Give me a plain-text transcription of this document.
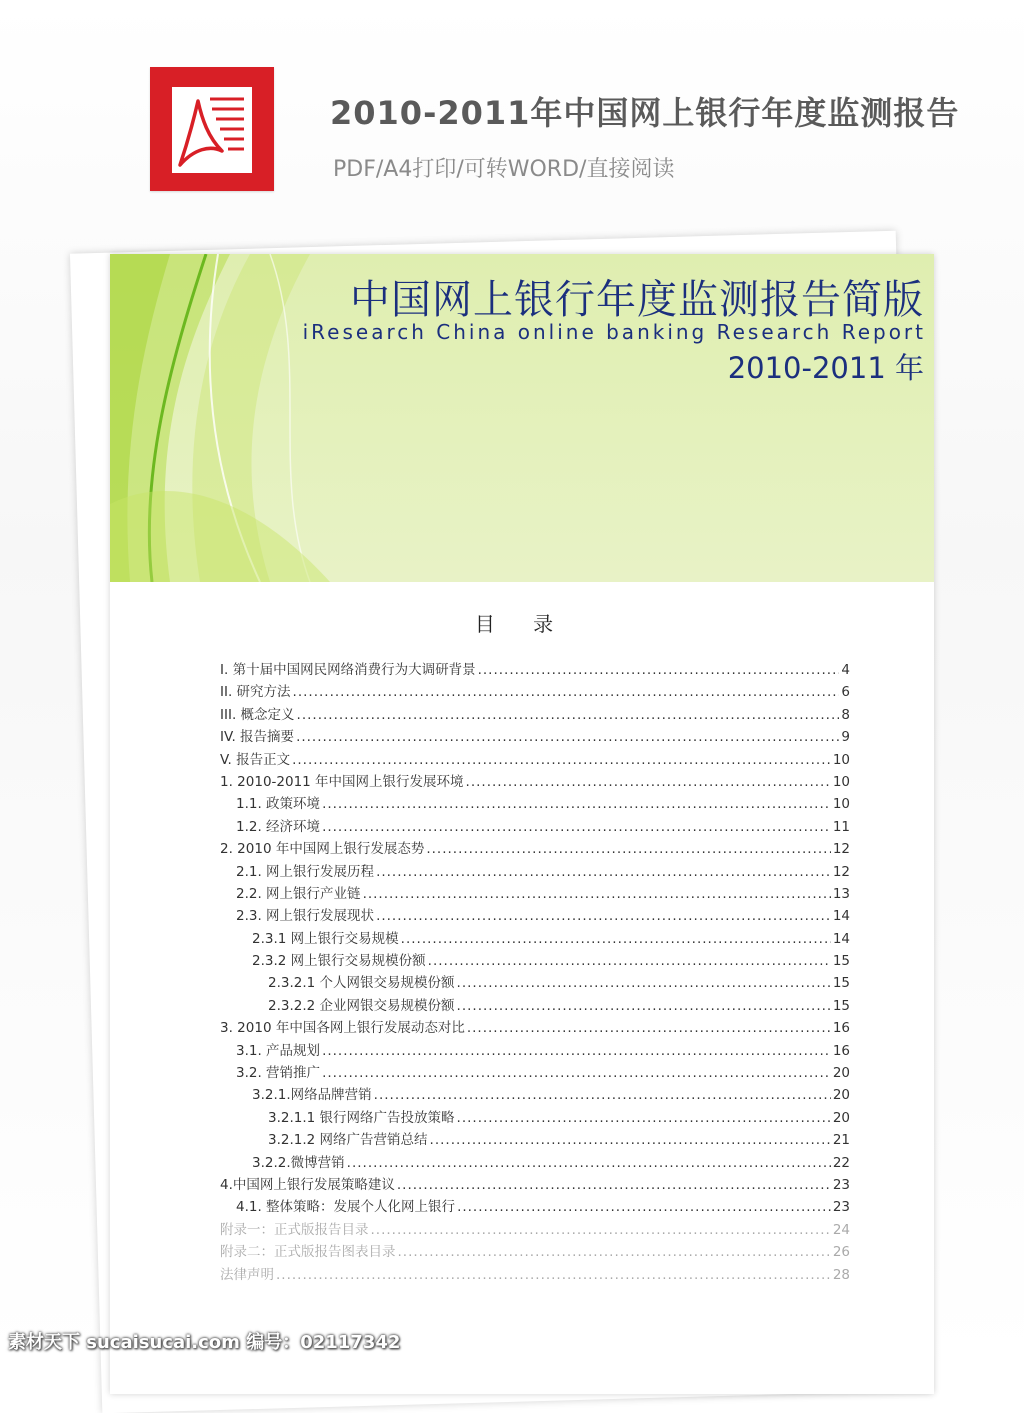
2010-2011年中国网上银行年度监测报告
PDF/A4打印/可转WORD/直接阅读
中国网上银行年度监测报告简版
iResearch China online banking Research Report
2010-2011 年
目 录
I. 第十届中国网民网络消费行为大调研背景 .....	4
II. 研究方法 .....	6
III. 概念定义 .....	8
IV. 报告摘要 .....	9
V. 报告正文 .....	10
1. 2010-2011 年中国网上银行发展环境 .....	10
1.1. 政策环境 .....	10
1.2. 经济环境 .....	11
2. 2010 年中国网上银行发展态势 .....	12
2.1. 网上银行发展历程 .....	12
2.2. 网上银行产业链 .....	13
2.3. 网上银行发展现状 .....	14
2.3.1 网上银行交易规模 .....	14
2.3.2 网上银行交易规模份额 .....	15
2.3.2.1 个人网银交易规模份额 .....	15
2.3.2.2 企业网银交易规模份额 .....	15
3. 2010 年中国各网上银行发展动态对比 .....	16
3.1. 产品规划 .....	16
3.2. 营销推广 .....	20
3.2.1.网络品牌营销 .....	20
3.2.1.1 银行网络广告投放策略 .....	20
3.2.1.2 网络广告营销总结 .....	21
3.2.2.微博营销 .....	22
4.中国网上银行发展策略建议 .....	23
4.1. 整体策略：发展个人化网上银行 .....	23
附录一：正式版报告目录 .....	24
附录二：正式版报告图表目录 .....	26
法律声明 .....	28
素材天下 sucaisucai.com 编号：02117342
